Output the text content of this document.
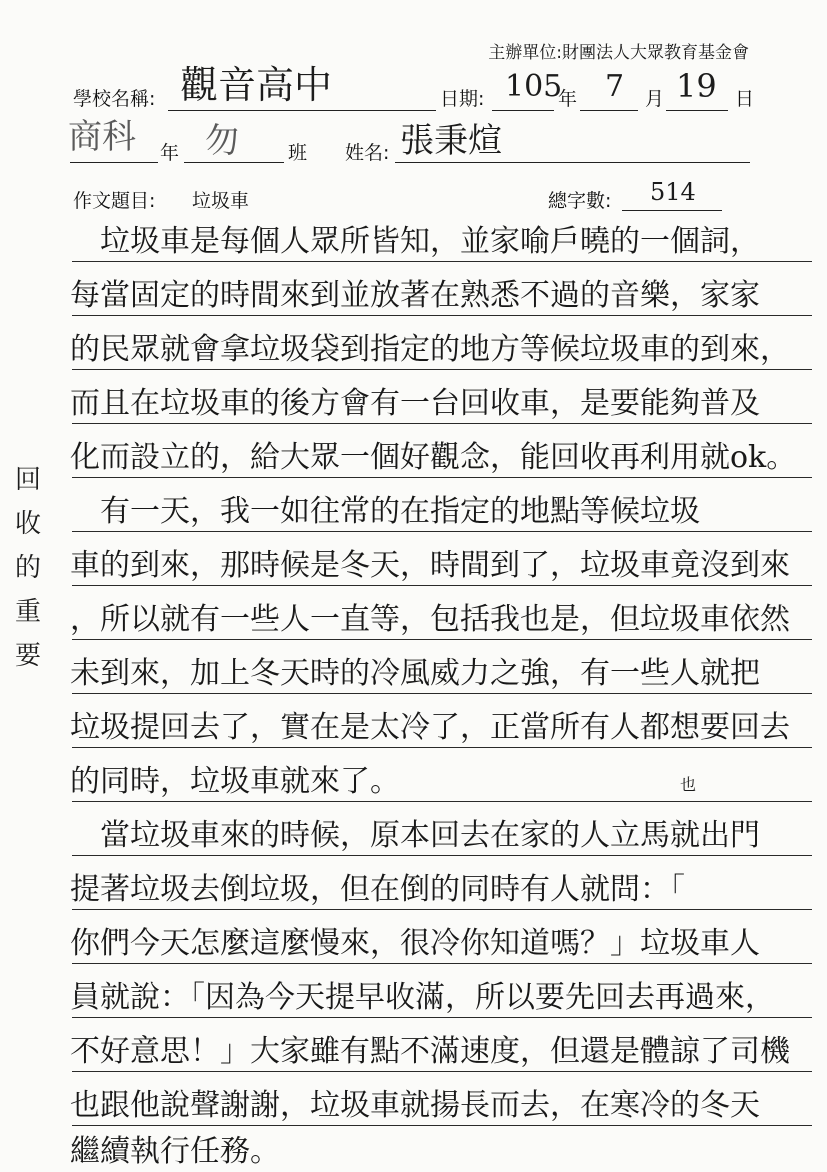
主辦單位:財團法人大眾教育基金會
學校名稱: 觀音高中	日期: 105
年 7 月 19 日
商科 年 勿	班 姓名: 張秉煊
作文題目: 垃圾車	總字數: 514
　垃圾車是每個人眾所皆知，並家喻戶曉的一個詞，
每當固定的時間來到並放著在熟悉不過的音樂，家家
的民眾就會拿垃圾袋到指定的地方等候垃圾車的到來，
而且在垃圾車的後方會有一台回收車，是要能夠普及
化而設立的，給大眾一個好觀念，能回收再利用就ok。
　有一天，我一如往常的在指定的地點等候垃圾
車的到來，那時候是冬天，時間到了，垃圾車竟沒到來
，所以就有一些人一直等，包括我也是，但垃圾車依然
未到來，加上冬天時的冷風威力之強，有一些人就把
垃圾提回去了，實在是太冷了，正當所有人都想要回去
的同時，垃圾車就來了。
　當垃圾車來的時候，原本回去在家的人立馬就出門
提著垃圾去倒垃圾，但在倒的同時有人就問：「
你們今天怎麼這麼慢來，很冷你知道嗎？」垃圾車人
員就說：「因為今天提早收滿，所以要先回去再過來，
不好意思！」大家雖有點不滿速度，但還是體諒了司機
也跟他說聲謝謝，垃圾車就揚長而去，在寒冷的冬天
繼續執行任務。
也
回收的重要
